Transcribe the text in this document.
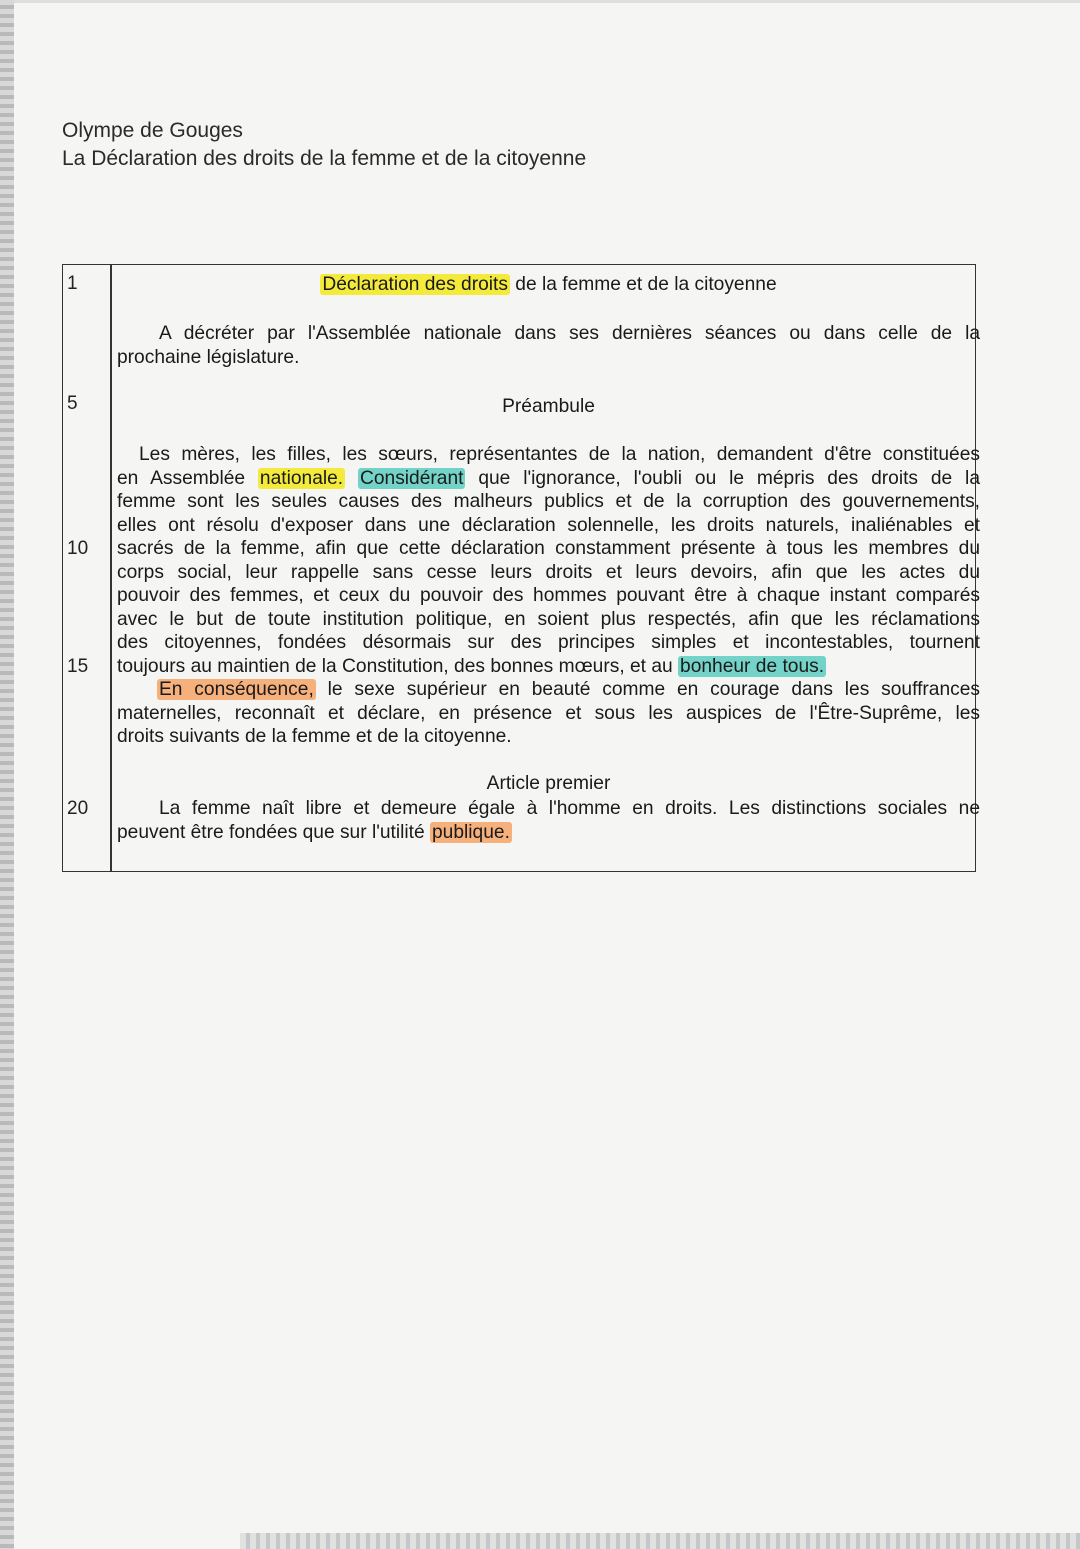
Olympe de Gouges
La Déclaration des droits de la femme et de la citoyenne
1
5
10
15
20
Déclaration des droits de la femme et de la citoyenne
A décréter par l'Assemblée nationale dans ses dernières séances ou dans celle de la
prochaine législature.
Préambule
Les mères, les filles, les sœurs, représentantes de la nation, demandent d'être constituées
en Assemblée nationale. Considérant que l'ignorance, l'oubli ou le mépris des droits de la
femme sont les seules causes des malheurs publics et de la corruption des gouvernements,
elles ont résolu d'exposer dans une déclaration solennelle, les droits naturels, inaliénables et
sacrés de la femme, afin que cette déclaration constamment présente à tous les membres du
corps social, leur rappelle sans cesse leurs droits et leurs devoirs, afin que les actes du
pouvoir des femmes, et ceux du pouvoir des hommes pouvant être à chaque instant comparés
avec le but de toute institution politique, en soient plus respectés, afin que les réclamations
des citoyennes, fondées désormais sur des principes simples et incontestables, tournent
toujours au maintien de la Constitution, des bonnes mœurs, et au bonheur de tous.
En conséquence, le sexe supérieur en beauté comme en courage dans les souffrances
maternelles, reconnaît et déclare, en présence et sous les auspices de l'Être-Suprême, les
droits suivants de la femme et de la citoyenne.
Article premier
La femme naît libre et demeure égale à l'homme en droits. Les distinctions sociales ne
peuvent être fondées que sur l'utilité publique.
